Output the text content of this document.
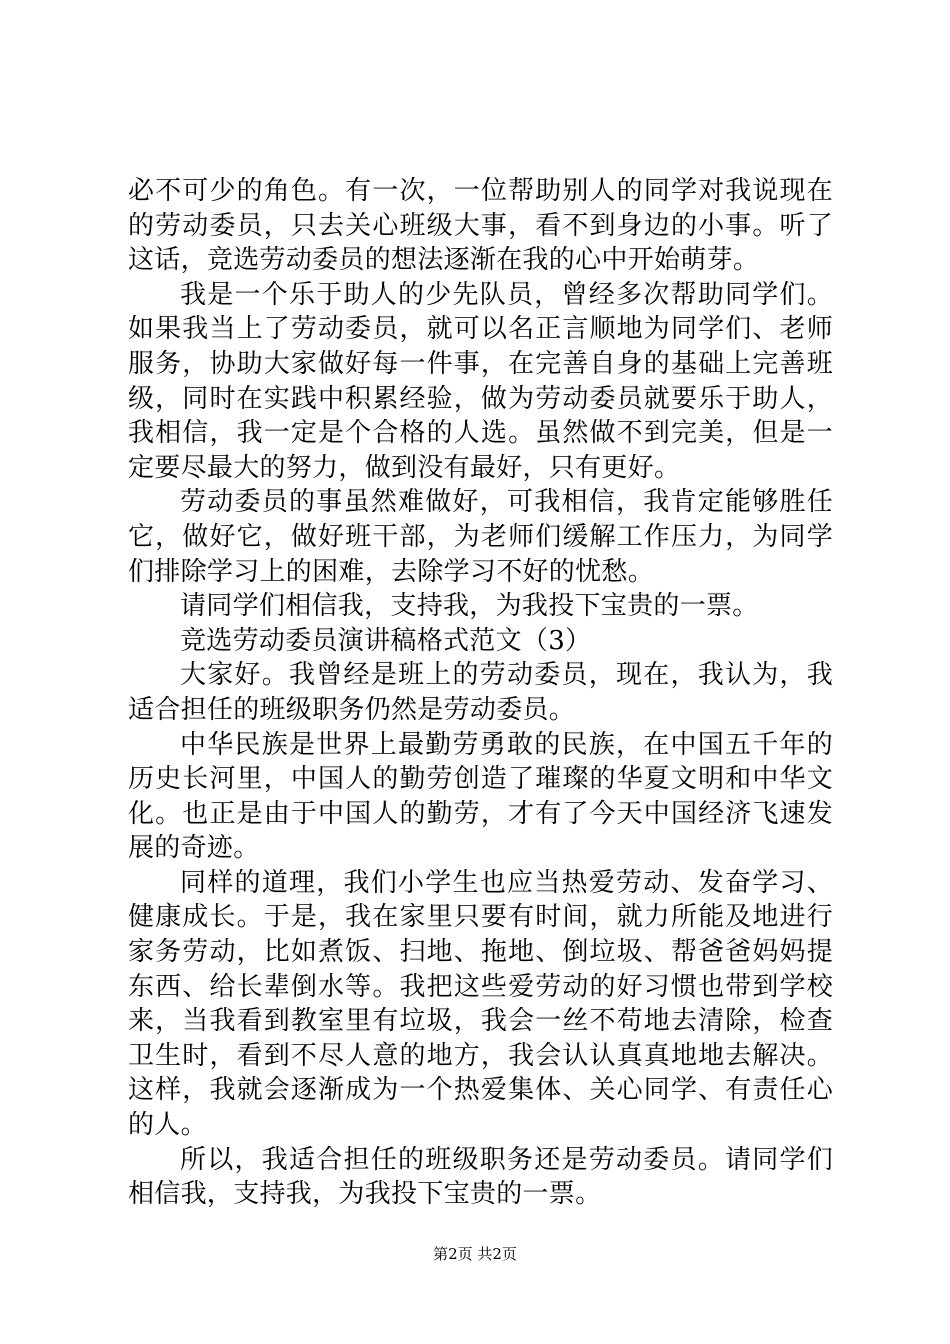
必不可少的角色。有一次，一位帮助别人的同学对我说现在的劳动委员，只去关心班级大事，看不到身边的小事。听了这话，竞选劳动委员的想法逐渐在我的心中开始萌芽。

我是一个乐于助人的少先队员，曾经多次帮助同学们。如果我当上了劳动委员，就可以名正言顺地为同学们、老师服务，协助大家做好每一件事，在完善自身的基础上完善班级，同时在实践中积累经验，做为劳动委员就要乐于助人，我相信，我一定是个合格的人选。虽然做不到完美，但是一定要尽最大的努力，做到没有最好，只有更好。

劳动委员的事虽然难做好，可我相信，我肯定能够胜任它，做好它，做好班干部，为老师们缓解工作压力，为同学们排除学习上的困难，去除学习不好的忧愁。

请同学们相信我，支持我，为我投下宝贵的一票。

竞选劳动委员演讲稿格式范文（3）

大家好。我曾经是班上的劳动委员，现在，我认为，我适合担任的班级职务仍然是劳动委员。

中华民族是世界上最勤劳勇敢的民族，在中国五千年的历史长河里，中国人的勤劳创造了璀璨的华夏文明和中华文化。也正是由于中国人的勤劳，才有了今天中国经济飞速发展的奇迹。

同样的道理，我们小学生也应当热爱劳动、发奋学习、健康成长。于是，我在家里只要有时间，就力所能及地进行家务劳动，比如煮饭、扫地、拖地、倒垃圾、帮爸爸妈妈提东西、给长辈倒水等。我把这些爱劳动的好习惯也带到学校来，当我看到教室里有垃圾，我会一丝不苟地去清除，检查卫生时，看到不尽人意的地方，我会认认真真地地去解决。这样，我就会逐渐成为一个热爱集体、关心同学、有责任心的人。

所以，我适合担任的班级职务还是劳动委员。请同学们相信我，支持我，为我投下宝贵的一票。

第2页 共2页
